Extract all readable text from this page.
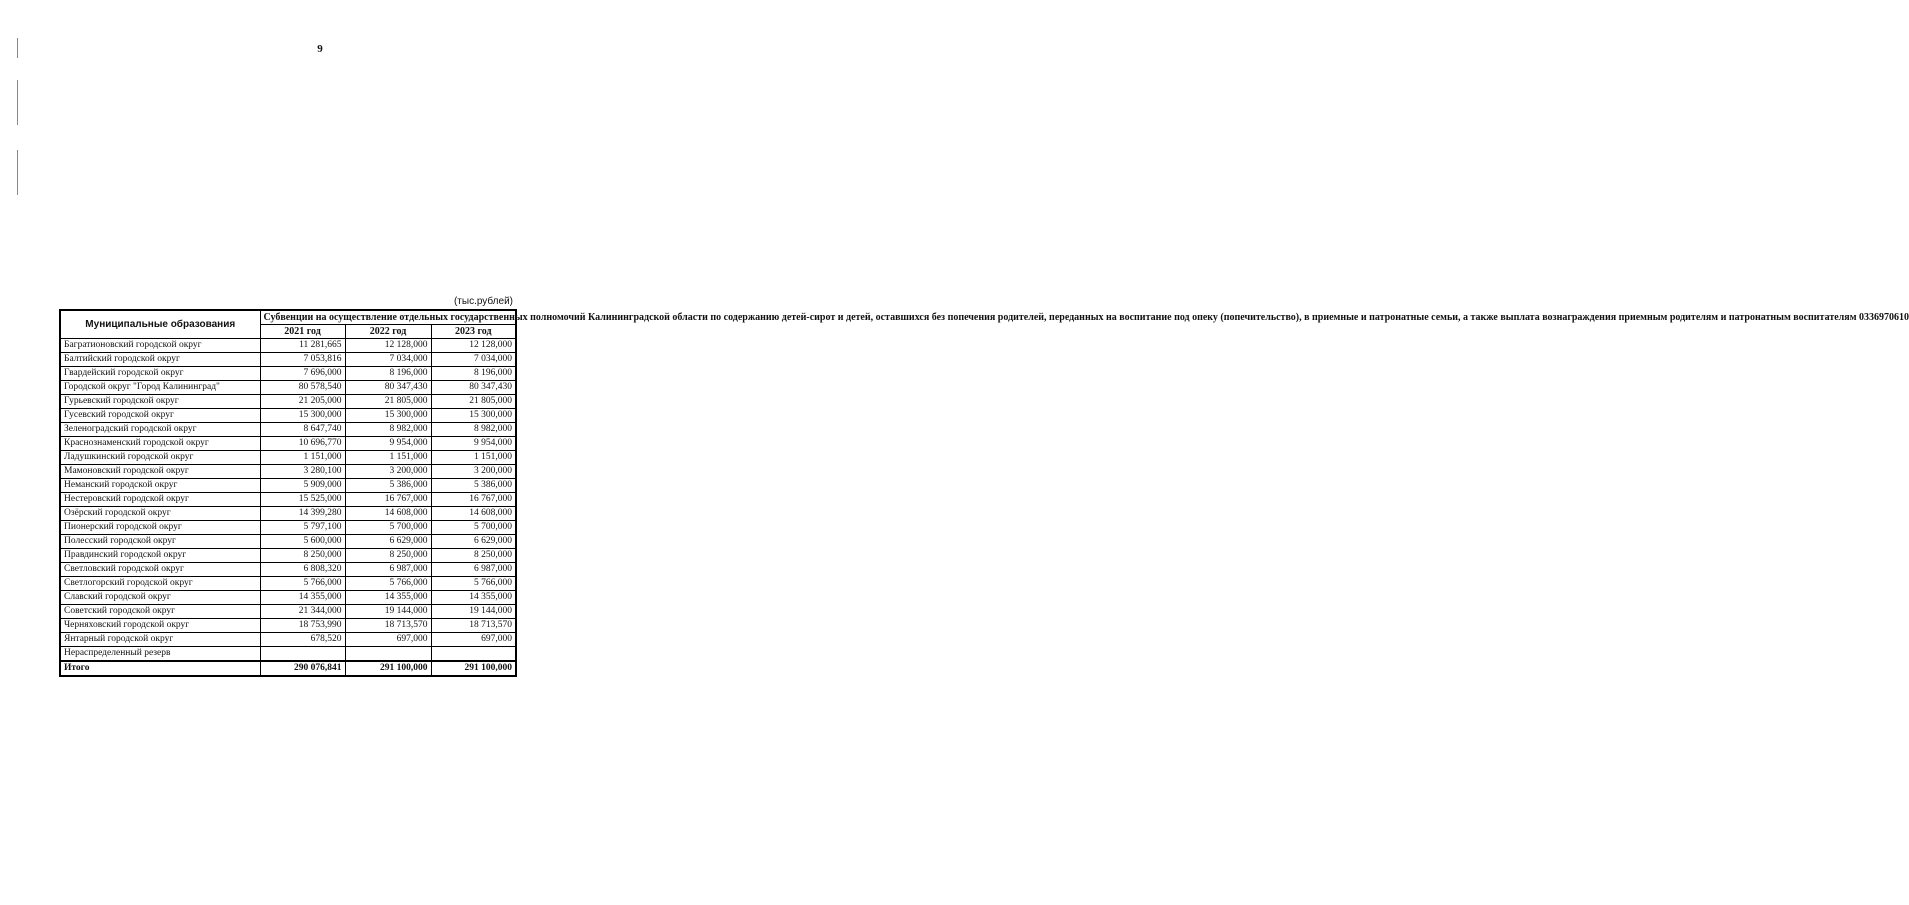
9
(тыс.рублей)
Муниципальные образования	Субвенции на осуществление отдельных государственных полномочий Калининградской области по содержанию детей-сирот и детей, оставшихся без попечения родителей, переданных на воспитание под опеку (попечительство), в приемные и патронатные семьи, а также выплата вознаграждения приемным родителям и патронатным воспитателям 0336970610		
	2021 год	2022 год	2023 год
Багратионовский городской округ	11 281,665	12 128,000	12 128,000
Балтийский городской округ	7 053,816	7 034,000	7 034,000
Гвардейский городской округ	7 696,000	8 196,000	8 196,000
Городской округ "Город Калининград"	80 578,540	80 347,430	80 347,430
Гурьевский городской округ	21 205,000	21 805,000	21 805,000
Гусевский городской округ	15 300,000	15 300,000	15 300,000
Зеленоградский городской округ	8 647,740	8 982,000	8 982,000
Краснознаменский городской округ	10 696,770	9 954,000	9 954,000
Ладушкинский городской округ	1 151,000	1 151,000	1 151,000
Мамоновский городской округ	3 280,100	3 200,000	3 200,000
Неманский городской округ	5 909,000	5 386,000	5 386,000
Нестеровский городской округ	15 525,000	16 767,000	16 767,000
Озёрский городской округ	14 399,280	14 608,000	14 608,000
Пионерский городской округ	5 797,100	5 700,000	5 700,000
Полесский городской округ	5 600,000	6 629,000	6 629,000
Правдинский городской округ	8 250,000	8 250,000	8 250,000
Светловский городской округ	6 808,320	6 987,000	6 987,000
Светлогорский городской округ	5 766,000	5 766,000	5 766,000
Славский городской округ	14 355,000	14 355,000	14 355,000
Советский городской округ	21 344,000	19 144,000	19 144,000
Черняховский городской округ	18 753,990	18 713,570	18 713,570
Янтарный городской округ	678,520	697,000	697,000
Нераспределенный резерв			
Итого	290 076,841	291 100,000	291 100,000
